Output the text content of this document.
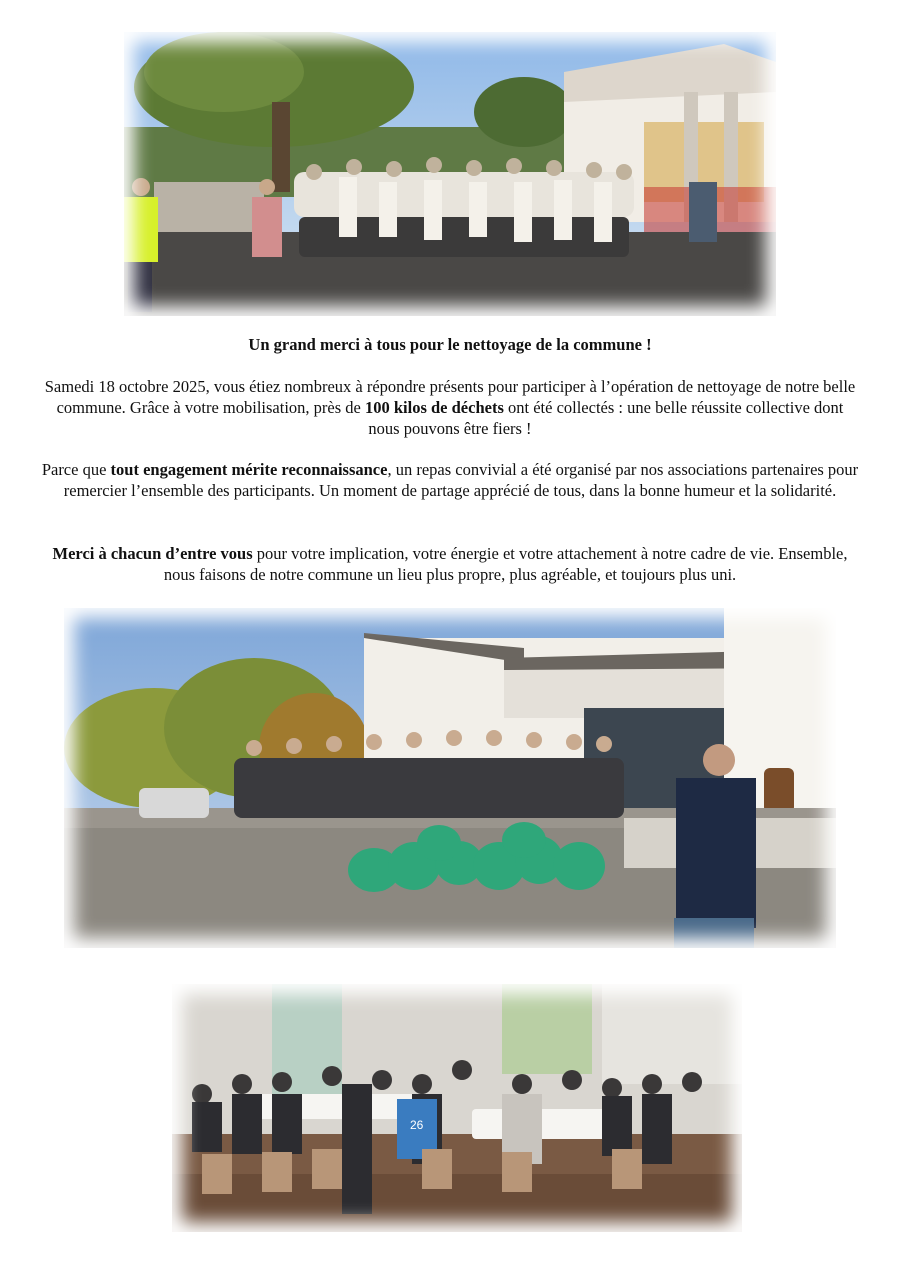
Un grand merci à tous pour le nettoyage de la commune !
Samedi 18 octobre 2025, vous étiez nombreux à répondre présents pour participer à l’opération de nettoyage de notre belle commune. Grâce à votre mobilisation, près de 100 kilos de déchets ont été collectés : une belle réussite collective dont nous pouvons être fiers !
Parce que tout engagement mérite reconnaissance, un repas convivial a été organisé par nos associations partenaires pour remercier l’ensemble des participants. Un moment de partage apprécié de tous, dans la bonne humeur et la solidarité.
Merci à chacun d’entre vous pour votre implication, votre énergie et votre attachement à notre cadre de vie. Ensemble, nous faisons de notre commune un lieu plus propre, plus agréable, et toujours plus uni.
26
